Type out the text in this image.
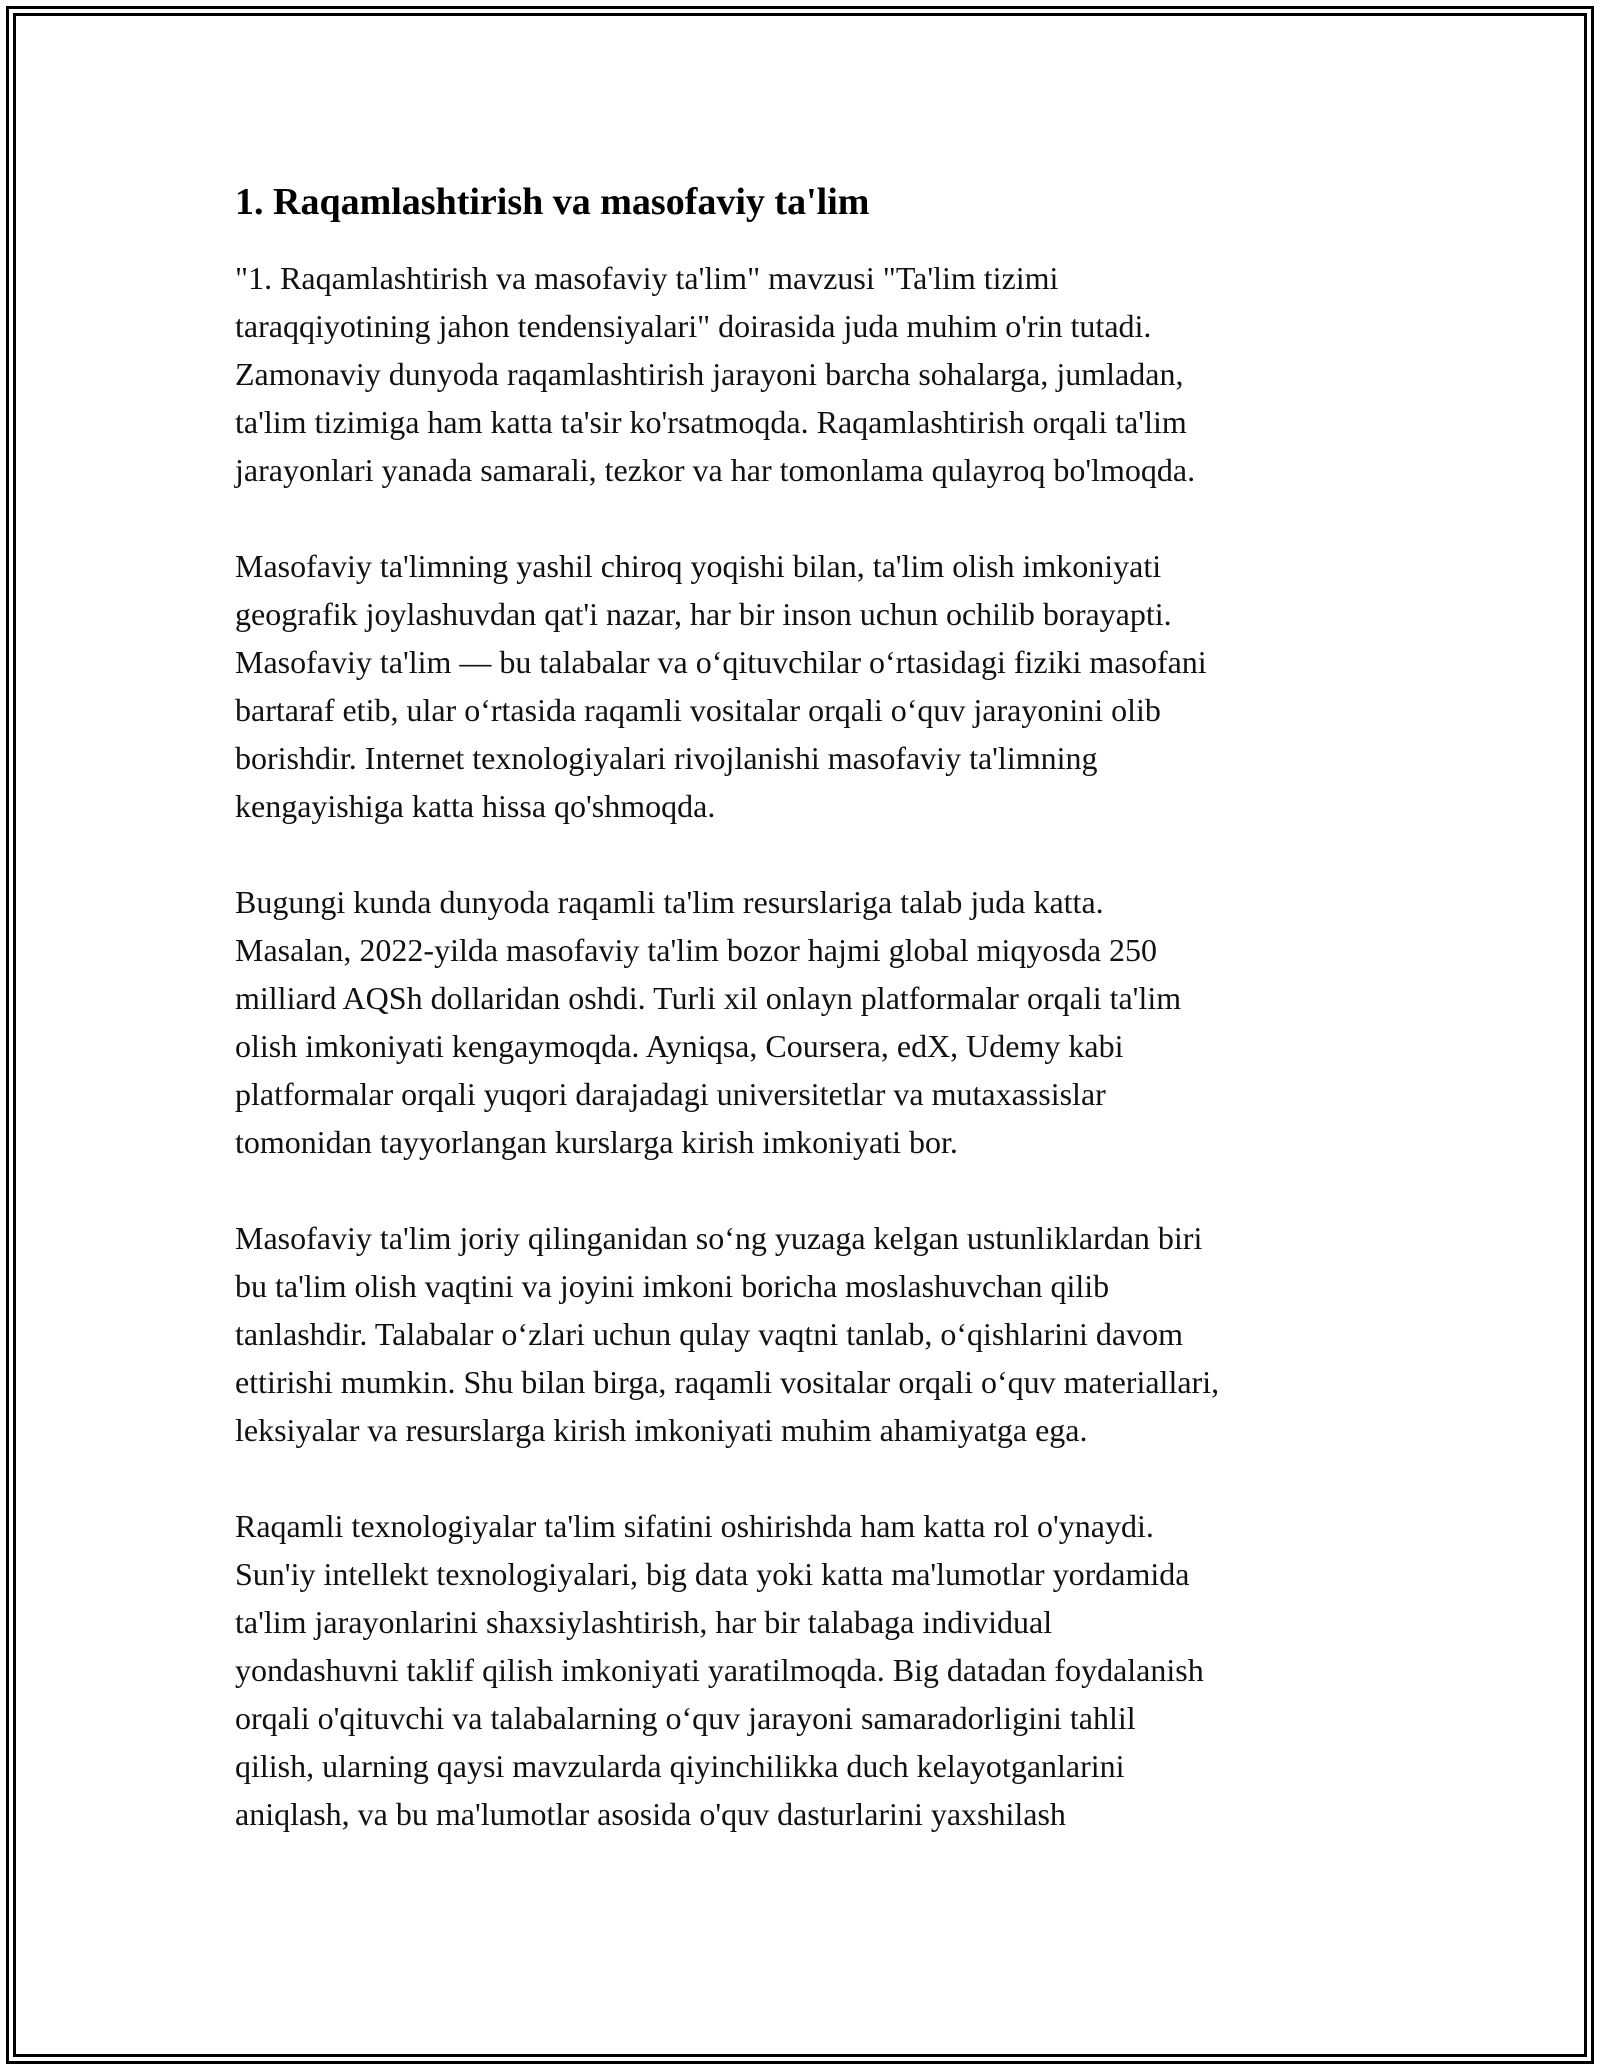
1. Raqamlashtirish va masofaviy ta'lim
"1. Raqamlashtirish va masofaviy ta'lim" mavzusi "Ta'lim tizimi
taraqqiyotining jahon tendensiyalari" doirasida juda muhim o'rin tutadi.
Zamonaviy dunyoda raqamlashtirish jarayoni barcha sohalarga, jumladan,
ta'lim tizimiga ham katta ta'sir ko'rsatmoqda. Raqamlashtirish orqali ta'lim
jarayonlari yanada samarali, tezkor va har tomonlama qulayroq bo'lmoqda.
Masofaviy ta'limning yashil chiroq yoqishi bilan, ta'lim olish imkoniyati
geografik joylashuvdan qat'i nazar, har bir inson uchun ochilib borayapti.
Masofaviy ta'lim — bu talabalar va oʻqituvchilar oʻrtasidagi fiziki masofani
bartaraf etib, ular oʻrtasida raqamli vositalar orqali oʻquv jarayonini olib
borishdir. Internet texnologiyalari rivojlanishi masofaviy ta'limning
kengayishiga katta hissa qo'shmoqda.
Bugungi kunda dunyoda raqamli ta'lim resurslariga talab juda katta.
Masalan, 2022-yilda masofaviy ta'lim bozor hajmi global miqyosda 250
milliard AQSh dollaridan oshdi. Turli xil onlayn platformalar orqali ta'lim
olish imkoniyati kengaymoqda. Ayniqsa, Coursera, edX, Udemy kabi
platformalar orqali yuqori darajadagi universitetlar va mutaxassislar
tomonidan tayyorlangan kurslarga kirish imkoniyati bor.
Masofaviy ta'lim joriy qilinganidan soʻng yuzaga kelgan ustunliklardan biri
bu ta'lim olish vaqtini va joyini imkoni boricha moslashuvchan qilib
tanlashdir. Talabalar oʻzlari uchun qulay vaqtni tanlab, oʻqishlarini davom
ettirishi mumkin. Shu bilan birga, raqamli vositalar orqali oʻquv materiallari,
leksiyalar va resurslarga kirish imkoniyati muhim ahamiyatga ega.
Raqamli texnologiyalar ta'lim sifatini oshirishda ham katta rol o'ynaydi.
Sun'iy intellekt texnologiyalari, big data yoki katta ma'lumotlar yordamida
ta'lim jarayonlarini shaxsiylashtirish, har bir talabaga individual
yondashuvni taklif qilish imkoniyati yaratilmoqda. Big datadan foydalanish
orqali o'qituvchi va talabalarning oʻquv jarayoni samaradorligini tahlil
qilish, ularning qaysi mavzularda qiyinchilikka duch kelayotganlarini
aniqlash, va bu ma'lumotlar asosida o'quv dasturlarini yaxshilash
